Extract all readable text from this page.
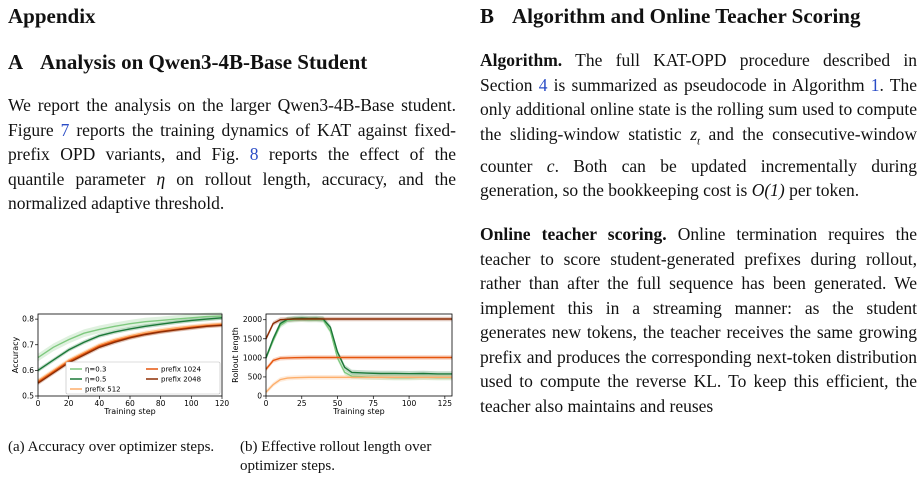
Appendix
A Analysis on Qwen3-4B-Base Student

We report the analysis on the larger Qwen3-4B-Base student. Figure 7 reports the training dynamics of KAT against fixed-prefix OPD variants, and Fig. 8 reports the effect of the quantile parameter η on rollout length, accuracy, and the normalized adaptive threshold.

0	20	40	60	80 100 120
0.5
0.6
0.7
0.8
Training step
Accuracy	η=0.3
η=0.5
prefix 512
prefix 1024
prefix 2048
0	25	50	75	100	125
0
500
1000
1500
2000
Training step
Rollout length
(a) Accuracy over optimizer steps.	(b) Effective rollout length over optimizer steps.
B Algorithm and Online Teacher Scoring

Algorithm. The full KAT-OPD procedure described in Section 4 is summarized as pseudocode in Algorithm 1. The only additional online state is the rolling sum used to compute the sliding-window statistic $z_t$ and the consecutive-window counter c. Both can be updated incrementally during generation, so the bookkeeping cost is O(1) per token.

Online teacher scoring. Online termination requires the teacher to score student-generated prefixes during rollout, rather than after the full sequence has been generated. We implement this in a streaming manner: as the student generates new tokens, the teacher receives the same growing prefix and produces the corresponding next-token distribution used to compute the reverse KL. To keep this efficient, the teacher also maintains and reuses
